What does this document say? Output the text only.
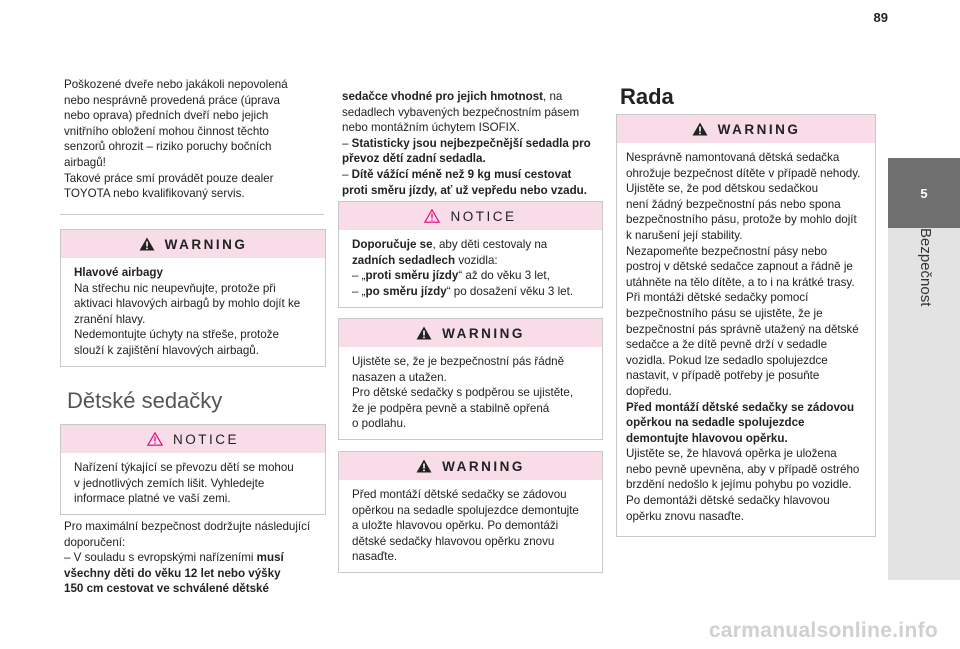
89
5
Bezpečnost
Poškozené dveře nebo jakákoli nepovolená
nebo nesprávně provedená práce (úprava
nebo oprava) předních dveří nebo jejich
vnitřního obložení mohou činnost těchto
senzorů ohrozit – riziko poruchy bočních
airbagů!
Takové práce smí provádět pouze dealer
TOYOTA nebo kvalifikovaný servis.
WARNING
Hlavové airbagy
Na střechu nic neupevňujte, protože při
aktivaci hlavových airbagů by mohlo dojít ke
zranění hlavy.
Nedemontujte úchyty na střeše, protože
slouží k zajištění hlavových airbagů.
Dětské sedačky
NOTICE
Nařízení týkající se převozu dětí se mohou
v jednotlivých zemích lišit. Vyhledejte
informace platné ve vaší zemi.
Pro maximální bezpečnost dodržujte následující
doporučení:
– V souladu s evropskými nařízeními musí
všechny děti do věku 12 let nebo výšky
150 cm cestovat ve schválené dětské
sedačce vhodné pro jejich hmotnost, na
sedadlech vybavených bezpečnostním pásem
nebo montážním úchytem ISOFIX.
– Statisticky jsou nejbezpečnější sedadla pro
převoz dětí zadní sedadla.
– Dítě vážící méně než 9 kg musí cestovat
proti směru jízdy, ať už vepředu nebo vzadu.
NOTICE
Doporučuje se, aby děti cestovaly na
zadních sedadlech vozidla:
– „proti směru jízdy“ až do věku 3 let,
– „po směru jízdy“ po dosažení věku 3 let.
WARNING
Ujistěte se, že je bezpečnostní pás řádně
nasazen a utažen.
Pro dětské sedačky s podpěrou se ujistěte,
že je podpěra pevně a stabilně opřená
o podlahu.
WARNING
Před montáží dětské sedačky se zádovou
opěrkou na sedadle spolujezdce demontujte
a uložte hlavovou opěrku. Po demontáži
dětské sedačky hlavovou opěrku znovu
nasaďte.
Rada
WARNING
Nesprávně namontovaná dětská sedačka
ohrožuje bezpečnost dítěte v případě nehody.
Ujistěte se, že pod dětskou sedačkou
není žádný bezpečnostní pás nebo spona
bezpečnostního pásu, protože by mohlo dojít
k narušení její stability.
Nezapomeňte bezpečnostní pásy nebo
postroj v dětské sedačce zapnout a řádně je
utáhněte na tělo dítěte, a to i na krátké trasy.
Při montáži dětské sedačky pomocí
bezpečnostního pásu se ujistěte, že je
bezpečnostní pás správně utažený na dětské
sedačce a že dítě pevně drží v sedadle
vozidla. Pokud lze sedadlo spolujezdce
nastavit, v případě potřeby je posuňte
dopředu.
Před montáží dětské sedačky se zádovou
opěrkou na sedadle spolujezdce
demontujte hlavovou opěrku.
Ujistěte se, že hlavová opěrka je uložena
nebo pevně upevněna, aby v případě ostrého
brzdění nedošlo k jejímu pohybu po vozidle.
Po demontáži dětské sedačky hlavovou
opěrku znovu nasaďte.
carmanualsonline.info
